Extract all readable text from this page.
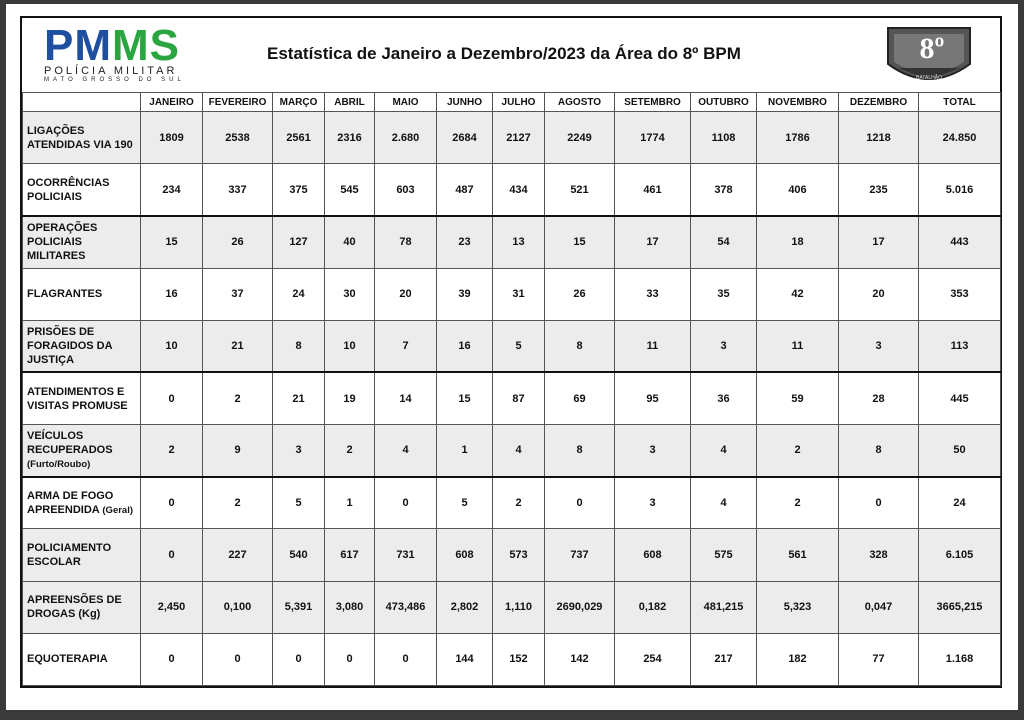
PMMS
POLÍCIA MILITAR
MATO GROSSO DO SUL
Estatística de Janeiro a Dezembro/2023 da Área do 8º BPM	8º
BATALHÃO
	JANEIRO	FEVEREIRO	MARÇO	ABRIL	MAIO	JUNHO	JULHO	AGOSTO	SETEMBRO	OUTUBRO	NOVEMBRO	DEZEMBRO	TOTAL
LIGAÇÕES ATENDIDAS VIA 190	1809	2538	2561	2316	2.680	2684	2127	2249	1774	1108	1786	1218	24.850
OCORRÊNCIAS POLICIAIS	234	337	375	545	603	487	434	521	461	378	406	235	5.016
OPERAÇÕES POLICIAIS MILITARES	15	26	127	40	78	23	13	15	17	54	18	17	443
FLAGRANTES	16	37	24	30	20	39	31	26	33	35	42	20	353
PRISÕES DE FORAGIDOS DA JUSTIÇA	10	21	8	10	7	16	5	8	11	3	11	3	113
ATENDIMENTOS E VISITAS PROMUSE	0	2	21	19	14	15	87	69	95	36	59	28	445
VEÍCULOS RECUPERADOS (Furto/Roubo)	2	9	3	2	4	1	4	8	3	4	2	8	50
ARMA DE FOGO APREENDIDA (Geral)	0	2	5	1	0	5	2	0	3	4	2	0	24
POLICIAMENTO ESCOLAR	0	227	540	617	731	608	573	737	608	575	561	328	6.105
APREENSÕES DE DROGAS (Kg)	2,450	0,100	5,391	3,080	473,486	2,802	1,110	2690,029	0,182	481,215	5,323	0,047	3665,215
EQUOTERAPIA	0	0	0	0	0	144	152	142	254	217	182	77	1.168
